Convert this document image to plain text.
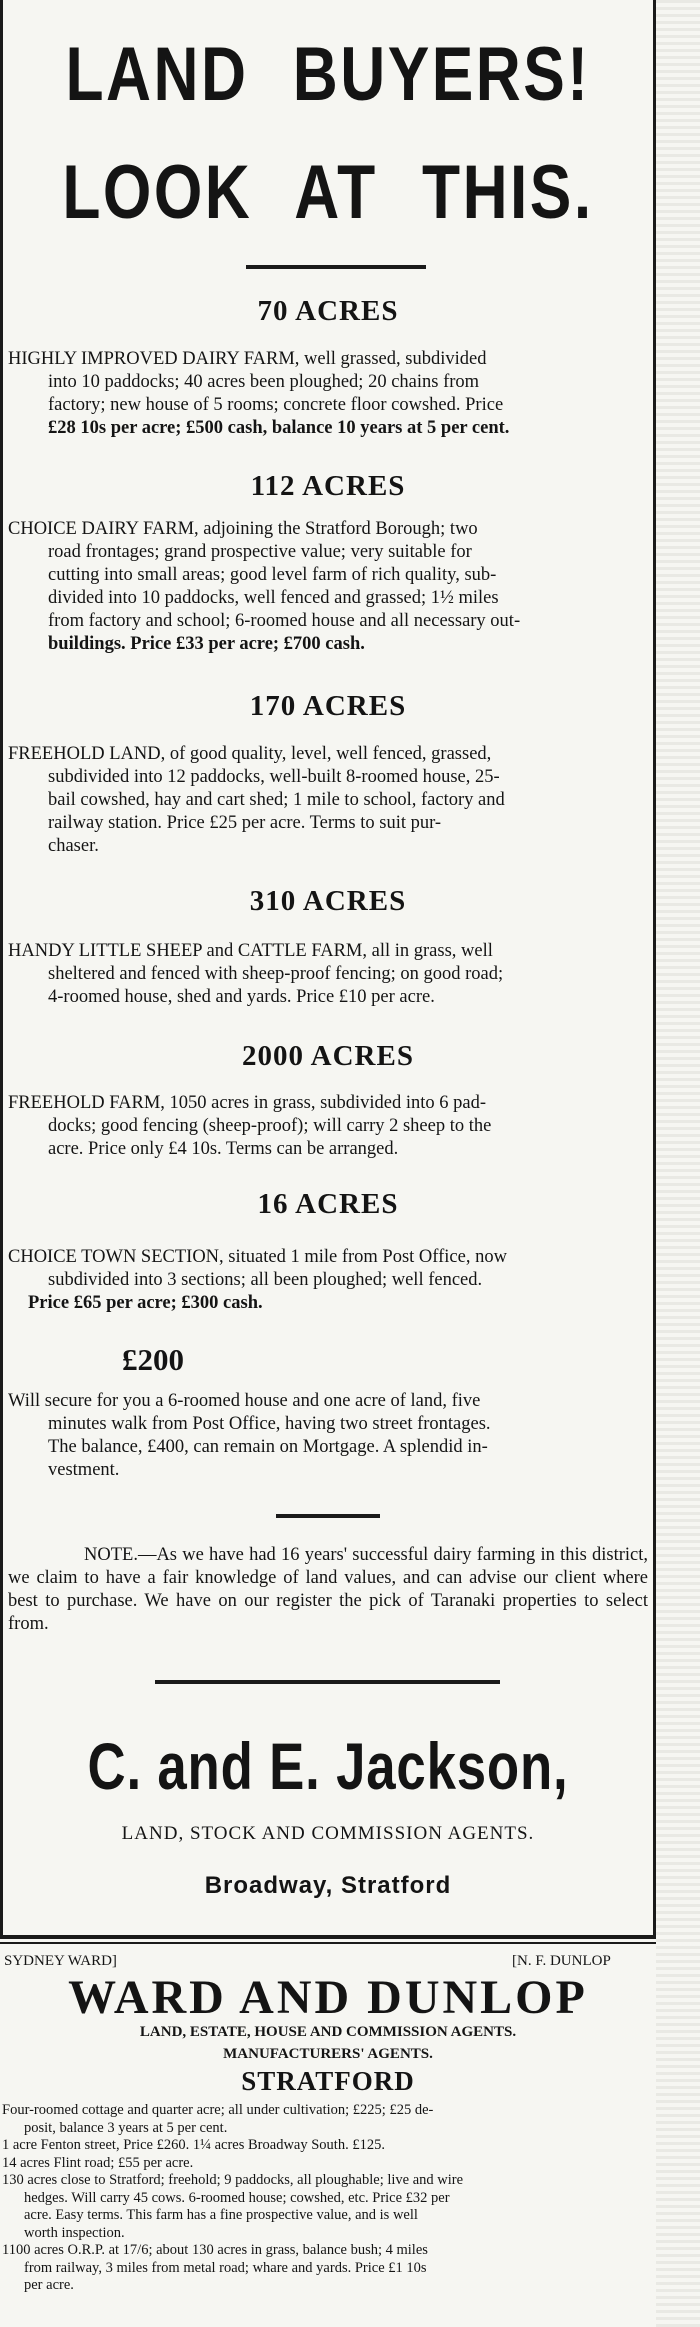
LAND BUYERS!
LOOK AT THIS.
70 ACRES
HIGHLY IMPROVED DAIRY FARM, well grassed, subdivided
into 10 paddocks; 40 acres been ploughed; 20 chains from
factory; new house of 5 rooms; concrete floor cowshed. Price
£28 10s per acre; £500 cash, balance 10 years at 5 per cent.
112 ACRES
CHOICE DAIRY FARM, adjoining the Stratford Borough; two
road frontages; grand prospective value; very suitable for
cutting into small areas; good level farm of rich quality, sub-
divided into 10 paddocks, well fenced and grassed; 1½ miles
from factory and school; 6-roomed house and all necessary out-
buildings. Price £33 per acre; £700 cash.
170 ACRES
FREEHOLD LAND, of good quality, level, well fenced, grassed,
subdivided into 12 paddocks, well-built 8-roomed house, 25-
bail cowshed, hay and cart shed; 1 mile to school, factory and
railway station. Price £25 per acre. Terms to suit pur-
chaser.
310 ACRES
HANDY LITTLE SHEEP and CATTLE FARM, all in grass, well
sheltered and fenced with sheep-proof fencing; on good road;
4-roomed house, shed and yards. Price £10 per acre.
2000 ACRES
FREEHOLD FARM, 1050 acres in grass, subdivided into 6 pad-
docks; good fencing (sheep-proof); will carry 2 sheep to the
acre. Price only £4 10s. Terms can be arranged.
16 ACRES
CHOICE TOWN SECTION, situated 1 mile from Post Office, now
subdivided into 3 sections; all been ploughed; well fenced.
Price £65 per acre; £300 cash.
£200
Will secure for you a 6-roomed house and one acre of land, five
minutes walk from Post Office, having two street frontages.
The balance, £400, can remain on Mortgage. A splendid in-
vestment.
NOTE.—As we have had 16 years' successful dairy farming in this district, we claim to have a fair knowledge of land values, and can advise our client where best to purchase. We have on our register the pick of Taranaki properties to select from.
C. and E. Jackson,
LAND, STOCK AND COMMISSION AGENTS.
Broadway, Stratford
SYDNEY WARD]	[N. F. DUNLOP
WARD AND DUNLOP
LAND, ESTATE, HOUSE AND COMMISSION AGENTS.
MANUFACTURERS' AGENTS.
STRATFORD
Four-roomed cottage and quarter acre; all under cultivation; £225; £25 de-
posit, balance 3 years at 5 per cent.
1 acre Fenton street, Price £260. 1¼ acres Broadway South. £125.
14 acres Flint road; £55 per acre.
130 acres close to Stratford; freehold; 9 paddocks, all ploughable; live and wire
hedges. Will carry 45 cows. 6-roomed house; cowshed, etc. Price £32 per
acre. Easy terms. This farm has a fine prospective value, and is well
worth inspection.
1100 acres O.R.P. at 17/6; about 130 acres in grass, balance bush; 4 miles
from railway, 3 miles from metal road; whare and yards. Price £1 10s
per acre.
